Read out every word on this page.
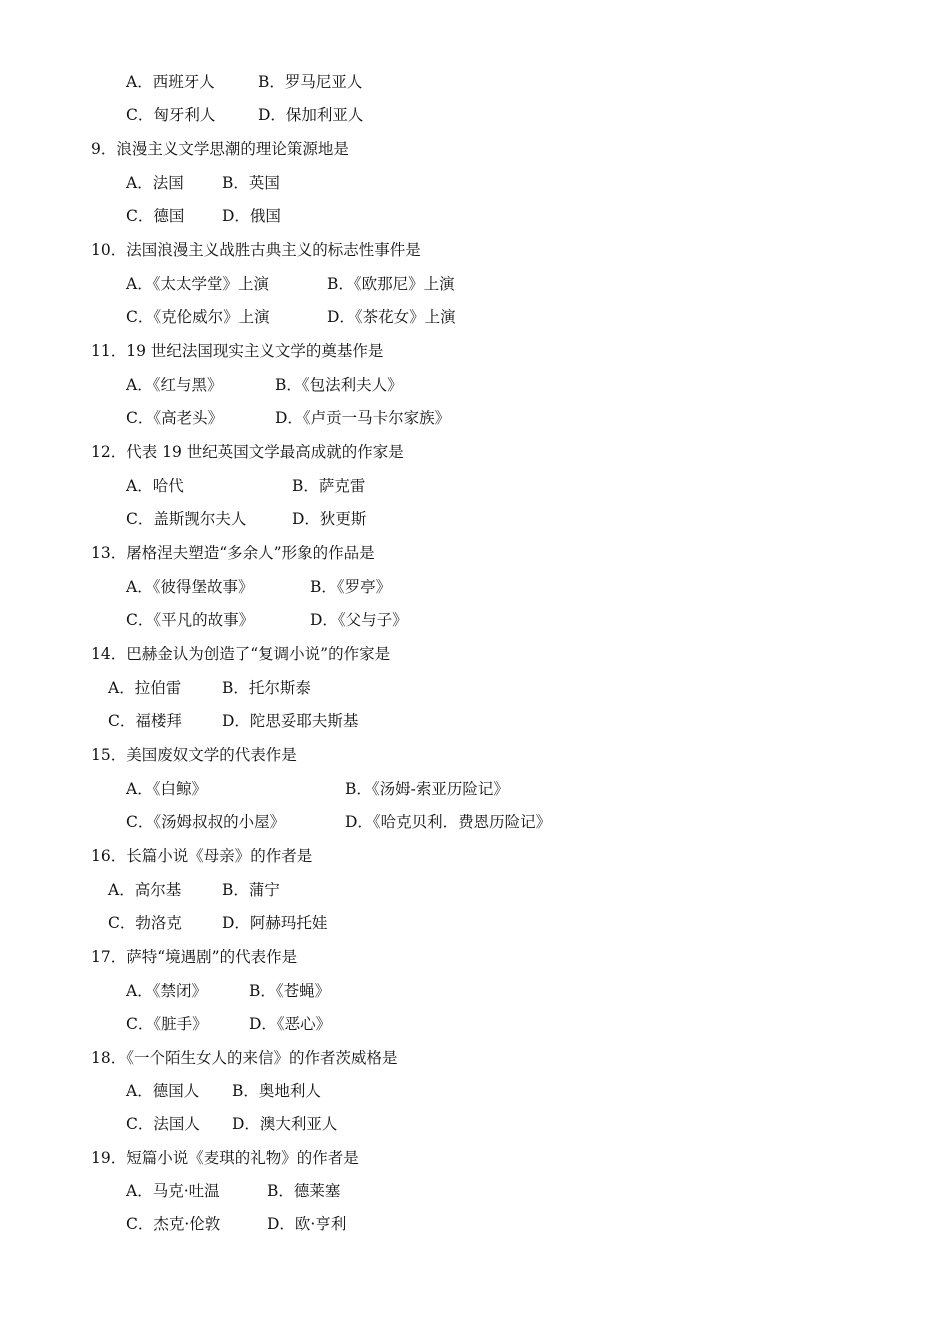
A．西班牙人	B．罗马尼亚人
C．匈牙利人	D．保加利亚人
9．浪漫主义文学思潮的理论策源地是
A．法国 B．英国
C．德国 D．俄国
10．法国浪漫主义战胜古典主义的标志性事件是
A．《太太学堂》上演	B．《欧那尼》上演
C．《克伦威尔》上演	D．《茶花女》上演
11．19 世纪法国现实主义文学的奠基作是
A．《红与黑》	B．《包法利夫人》
C．《高老头》	D．《卢贡一马卡尔家族》
12．代表 19 世纪英国文学最高成就的作家是
A．哈代	B．萨克雷
C．盖斯觊尔夫人	D．狄更斯
13．屠格涅夫塑造“多余人”形象的作品是
A．《彼得堡故事》	B．《罗亭》
C．《平凡的故事》	D．《父与子》
14．巴赫金认为创造了“复调小说”的作家是
A．拉伯雷	B．托尔斯泰
C．福楼拜	D．陀思妥耶夫斯基
15．美国废奴文学的代表作是
A．《白鲸》	B．《汤姆-索亚历险记》
C．《汤姆叔叔的小屋》	D．《哈克贝利．费恩历险记》
16．长篇小说《母亲》的作者是
A．高尔基	B．蒲宁
C．勃洛克	D．阿赫玛托娃
17．萨特“境遇剧”的代表作是
A．《禁闭》	B．《苍蝇》
C．《脏手》	D．《恶心》
18．《一个陌生女人的来信》的作者茨威格是
A．德国人 B．奥地利人
C．法国人 D．澳大利亚人
19．短篇小说《麦琪的礼物》的作者是
A．马克·吐温	B．德莱塞
C．杰克·伦敦	D．欧·亨利
